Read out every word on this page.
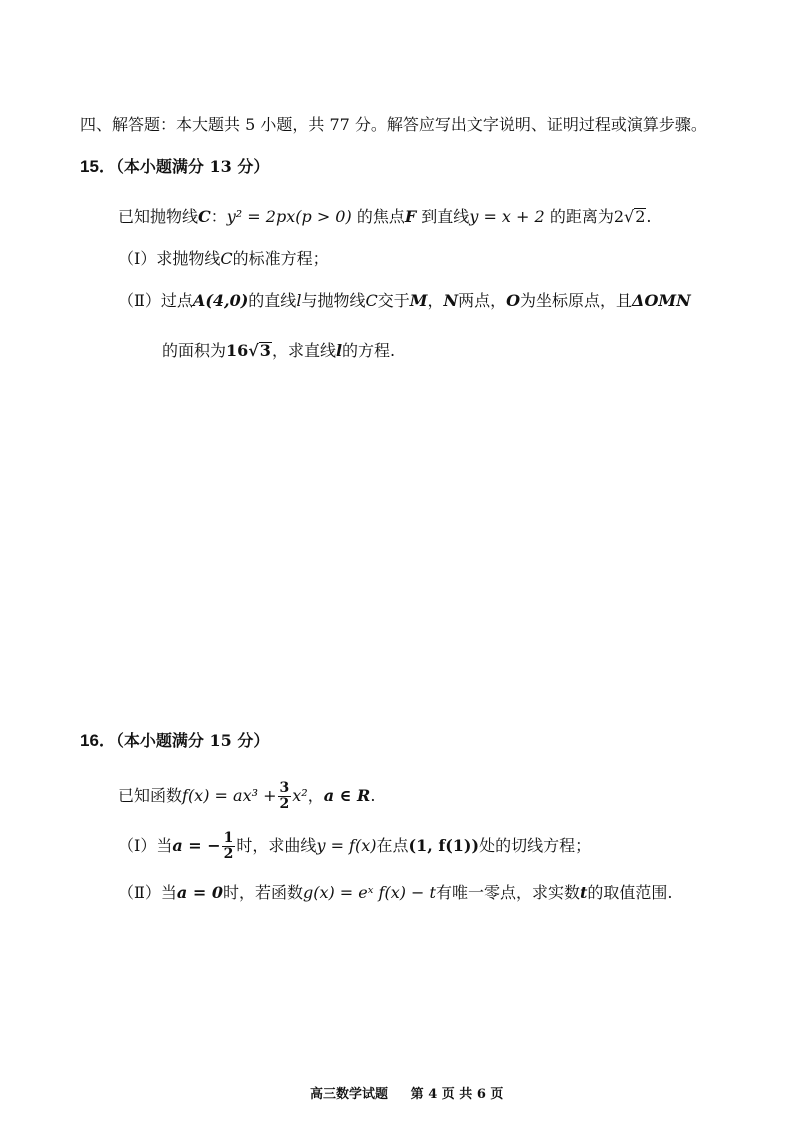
四、解答题：本大题共 5 小题，共 77 分。解答应写出文字说明、证明过程或演算步骤。
15．（本小题满分 13 分）
已知抛物线C：y² = 2px(p > 0) 的焦点F 到直线y = x + 2 的距离为2√2.
（Ⅰ）求抛物线C的标准方程；
（Ⅱ）过点A(4,0)的直线l与抛物线C交于M，N两点，O为坐标原点，且ΔOMN
的面积为16√3，求直线l的方程.
16．（本小题满分 15 分）
已知函数$f(x) = ax^3 + \frac{3}{2} x^2$，a ∈ R.
（Ⅰ）当a = − $\frac{1}{2}$ 时，求曲线y = f(x)在点(1, f(1))处的切线方程；
（Ⅱ）当a = 0时，若函数g(x) = eˣ f(x) − t有唯一零点，求实数t的取值范围.
高三数学试题 第 4 页 共 6 页
